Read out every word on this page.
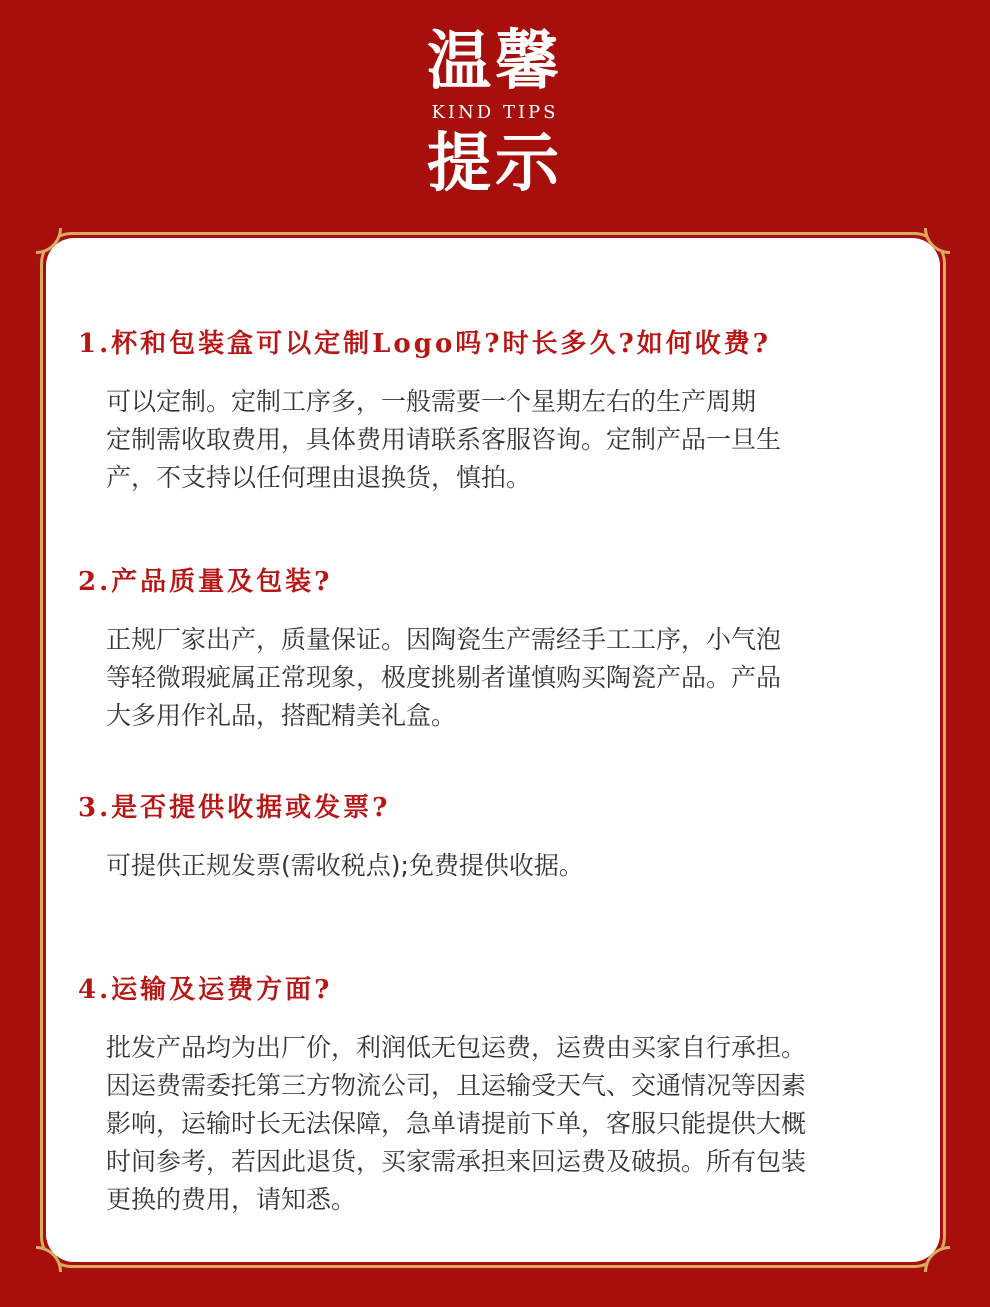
温馨
KIND TIPS
提示
1.杯和包装盒可以定制Logo吗?时长多久?如何收费?
可以定制。定制工序多，一般需要一个星期左右的生产周期
定制需收取费用，具体费用请联系客服咨询。定制产品一旦生
产，不支持以任何理由退换货，慎拍。
2.产品质量及包装?
正规厂家出产，质量保证。因陶瓷生产需经手工工序，小气泡
等轻微瑕疵属正常现象，极度挑剔者谨慎购买陶瓷产品。产品
大多用作礼品，搭配精美礼盒。
3.是否提供收据或发票?
可提供正规发票(需收税点);免费提供收据。
4.运输及运费方面?
批发产品均为出厂价，利润低无包运费，运费由买家自行承担。
因运费需委托第三方物流公司，且运输受天气、交通情况等因素
影响，运输时长无法保障，急单请提前下单，客服只能提供大概
时间参考，若因此退货，买家需承担来回运费及破损。所有包装
更换的费用，请知悉。
